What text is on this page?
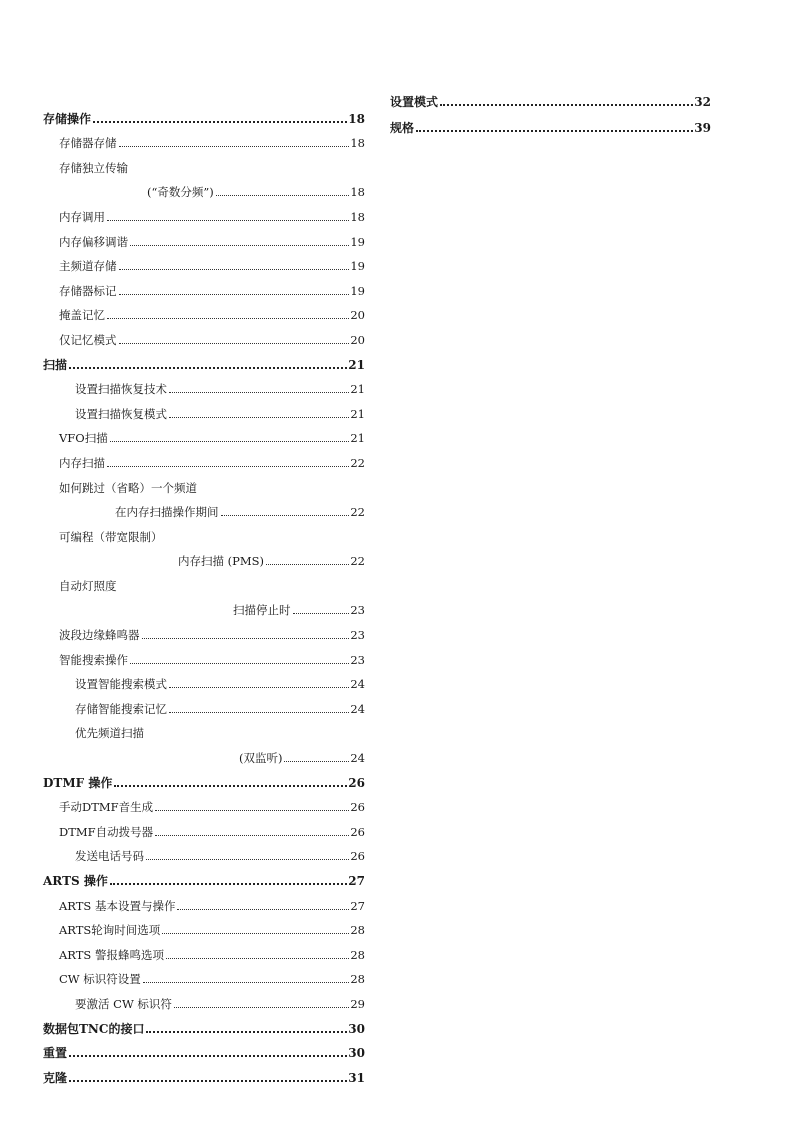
存储操作	18
存储器存储	18
存储独立传输
(“奇数分频”)	18
内存调用	18
内存偏移调谐	19
主频道存储	19
存储器标记	19
掩盖记忆	20
仅记忆模式	20
扫描	21
设置扫描恢复技术	21
设置扫描恢复模式	21
VFO扫描	21
内存扫描	22
如何跳过（省略）一个频道
在内存扫描操作期间	22
可编程（带宽限制）
内存扫描 (PMS)	22
自动灯照度
扫描停止时	23
波段边缘蜂鸣器	23
智能搜索操作	23
设置智能搜索模式	24
存储智能搜索记忆	24
优先频道扫描
(双监听)	24
DTMF 操作	26
手动DTMF音生成	26
DTMF自动拨号器	26
发送电话号码	26
ARTS 操作	27
ARTS 基本设置与操作	27
ARTS轮询时间选项	28
ARTS 警报蜂鸣选项	28
CW 标识符设置	28
要激活 CW 标识符	29
数据包TNC的接口	30
重置	30
克隆	31
设置模式	32
规格	39
